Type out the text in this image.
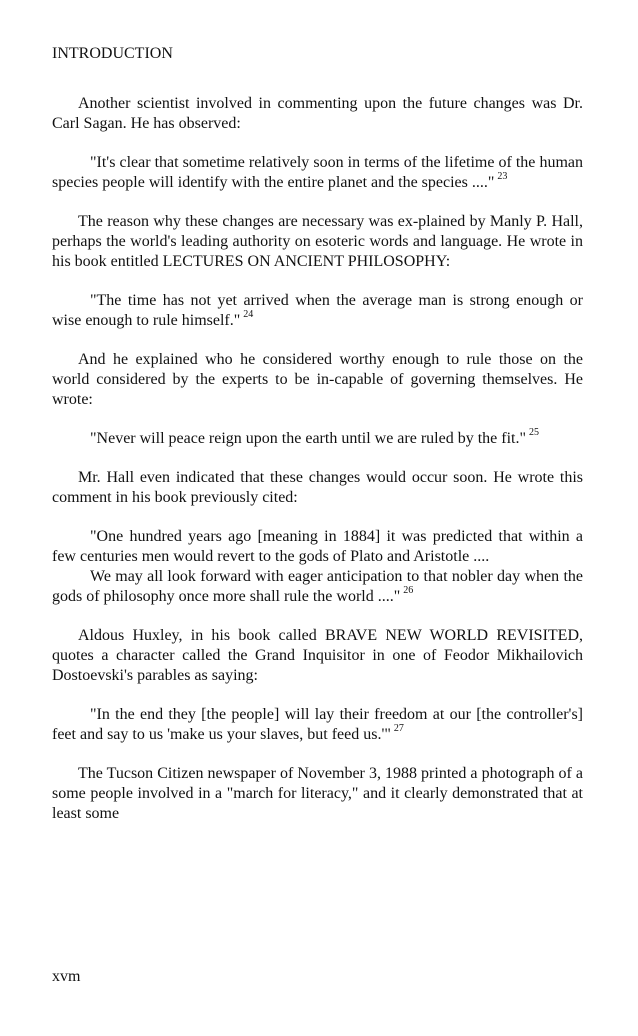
INTRODUCTION

Another scientist involved in commenting upon the future changes was Dr. Carl Sagan. He has observed:

"It's clear that sometime relatively soon in terms of the lifetime of the human species people will identify with the entire planet and the species ...." $^{23}$

The reason why these changes are necessary was ex-plained by Manly P. Hall, perhaps the world's leading authority on esoteric words and language. He wrote in his book entitled LECTURES ON ANCIENT PHILOSOPHY:

"The time has not yet arrived when the average man is strong enough or wise enough to rule himself." $^{24}$

And he explained who he considered worthy enough to rule those on the world considered by the experts to be in-capable of governing themselves. He wrote:

"Never will peace reign upon the earth until we are ruled by the fit." $^{25}$

Mr. Hall even indicated that these changes would occur soon. He wrote this comment in his book previously cited:

"One hundred years ago [meaning in 1884] it was predicted that within a few centuries men would revert to the gods of Plato and Aristotle ....

We may all look forward with eager anticipation to that nobler day when the gods of philosophy once more shall rule the world ...." $^{26}$

Aldous Huxley, in his book called BRAVE NEW WORLD REVISITED, quotes a character called the Grand Inquisitor in one of Feodor Mikhailovich Dostoevski's parables as saying:

"In the end they [the people] will lay their freedom at our [the controller's] feet and say to us 'make us your slaves, but feed us.'" $^{27}$

The Tucson Citizen newspaper of November 3, 1988 printed a photograph of a some people involved in a "march for literacy," and it clearly demonstrated that at least some

xvm
